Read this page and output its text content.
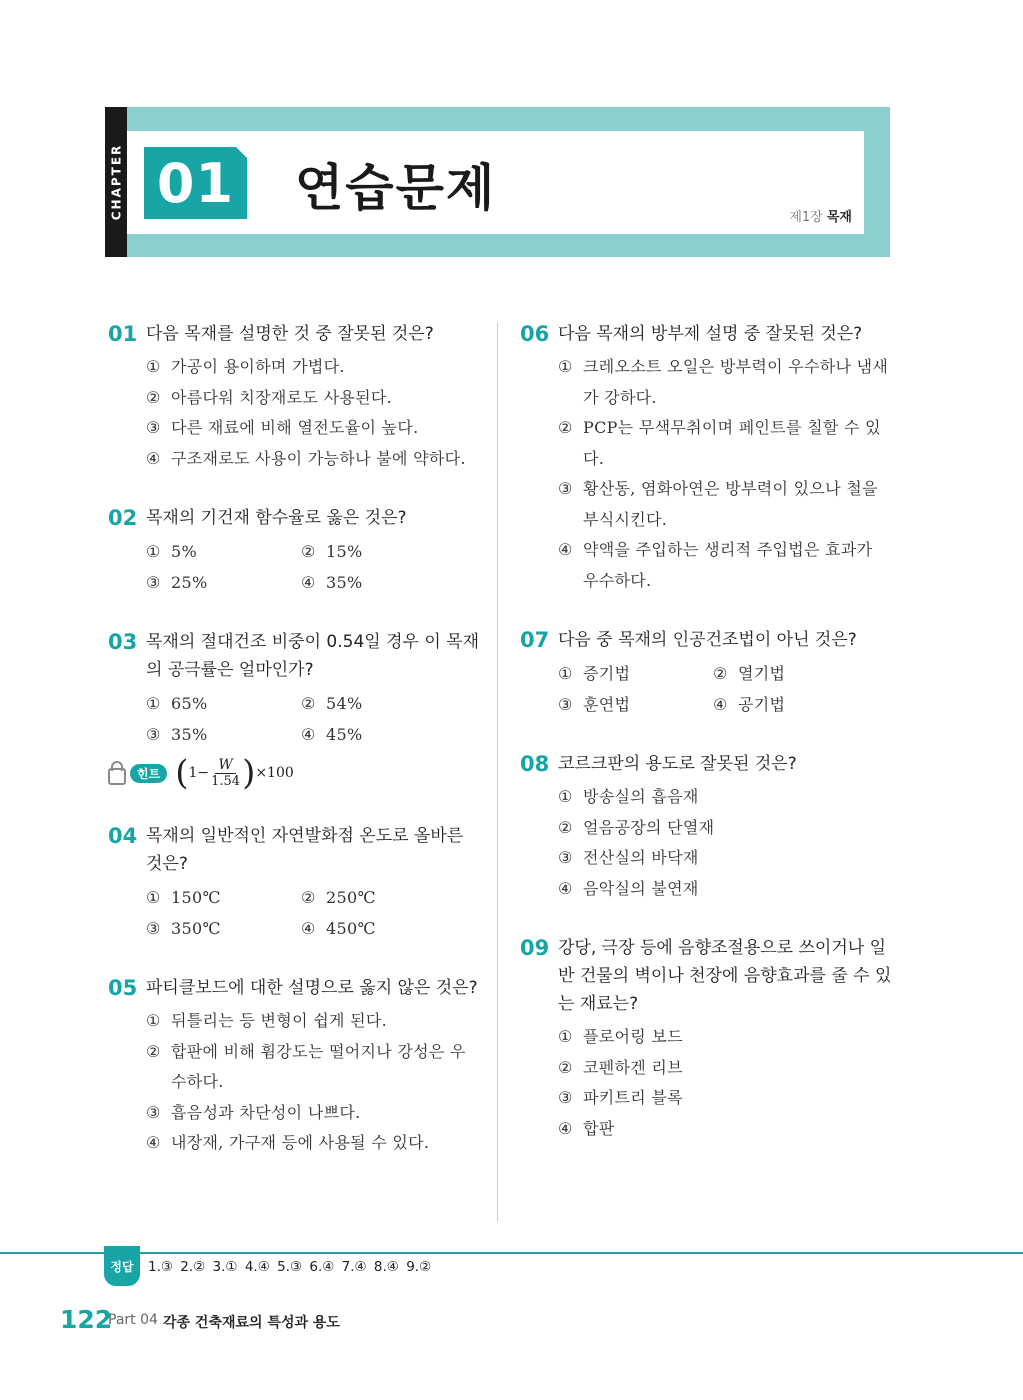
CHAPTER 01 연습문제
제1장 목재
01 다음 목재를 설명한 것 중 잘못된 것은?
① 가공이 용이하며 가볍다.
② 아름다워 치장재로도 사용된다.
③ 다른 재료에 비해 열전도율이 높다.
④ 구조재로도 사용이 가능하나 불에 약하다.
02 목재의 기건재 함수율로 옳은 것은?
① 5%	② 15%
③ 25%	④ 35%
03 목재의 절대건조 비중이 0.54일 경우 이 목재의 공극률은 얼마인가?
① 65%	② 54%
③ 35%	④ 45%
힌트 ( $1 - \frac{W}{1.54}$ ) ×100
04 목재의 일반적인 자연발화점 온도로 올바른 것은?
① 150℃	② 250℃
③ 350℃	④ 450℃
05 파티클보드에 대한 설명으로 옳지 않은 것은?
① 뒤틀리는 등 변형이 쉽게 된다.
② 합판에 비해 휨강도는 떨어지나 강성은 우수하다.
③ 흡음성과 차단성이 나쁘다.
④ 내장재, 가구재 등에 사용될 수 있다.
06 다음 목재의 방부제 설명 중 잘못된 것은?
① 크레오소트 오일은 방부력이 우수하나 냄새가 강하다.
② PCP는 무색무취이며 페인트를 칠할 수 있다.
③ 황산동, 염화아연은 방부력이 있으나 철을 부식시킨다.
④ 약액을 주입하는 생리적 주입법은 효과가 우수하다.
07 다음 중 목재의 인공건조법이 아닌 것은?
① 증기법	② 열기법
③ 훈연법	④ 공기법
08 코르크판의 용도로 잘못된 것은?
① 방송실의 흡음재
② 얼음공장의 단열재
③ 전산실의 바닥재
④ 음악실의 불연재
09 강당, 극장 등에 음향조절용으로 쓰이거나 일반 건물의 벽이나 천장에 음향효과를 줄 수 있는 재료는?
① 플로어링 보드
② 코펜하겐 리브
③ 파키트리 블록
④ 합판
정답	1.③ 2.② 3.① 4.④ 5.③ 6.④ 7.④ 8.④ 9.②
122
Part 04 각종 건축재료의 특성과 용도
